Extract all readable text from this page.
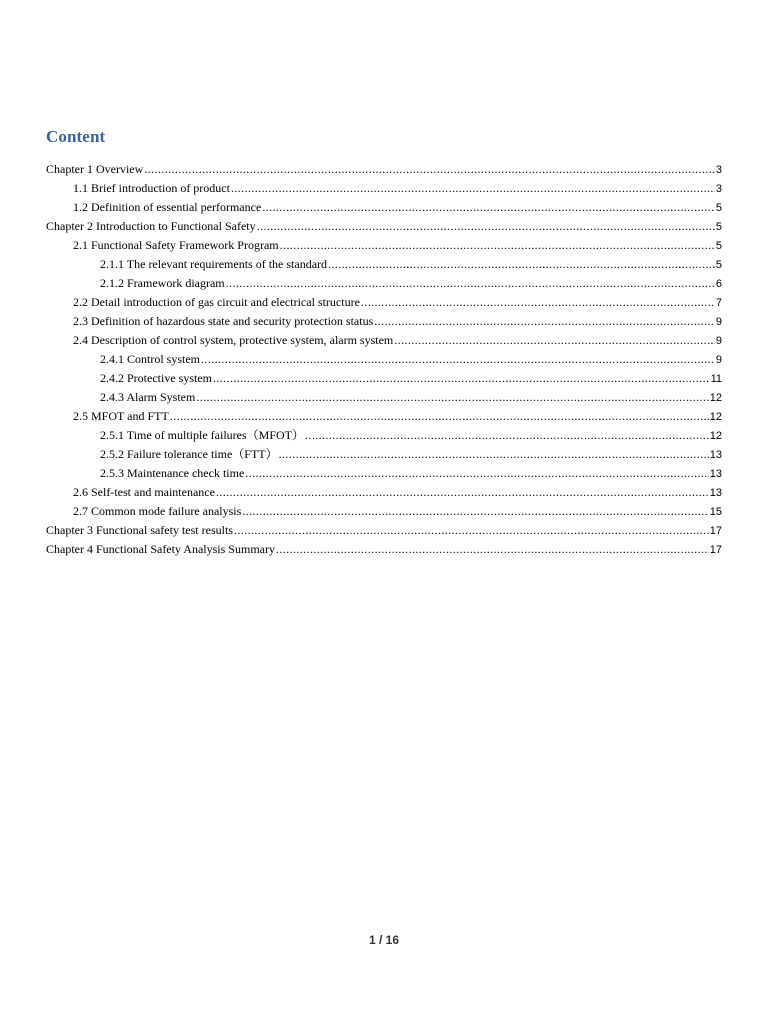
Content
Chapter 1 Overview .....	3
1.1 Brief introduction of product .....	3
1.2 Definition of essential performance .....	5
Chapter 2 Introduction to Functional Safety .....	5
2.1 Functional Safety Framework Program .....	5
2.1.1 The relevant requirements of the standard .....	5
2.1.2 Framework diagram .....	6
2.2 Detail introduction of gas circuit and electrical structure .....	7
2.3 Definition of hazardous state and security protection status .....	9
2.4 Description of control system, protective system, alarm system .....	9
2.4.1 Control system .....	9
2.4.2 Protective system .....	11
2.4.3 Alarm System .....	12
2.5 MFOT and FTT .....	12
2.5.1 Time of multiple failures（MFOT） .....	12
2.5.2 Failure tolerance time（FTT） .....	13
2.5.3 Maintenance check time .....	13
2.6 Self-test and maintenance .....	13
2.7 Common mode failure analysis .....	15
Chapter 3 Functional safety test results .....	17
Chapter 4 Functional Safety Analysis Summary .....	17
1 / 16
